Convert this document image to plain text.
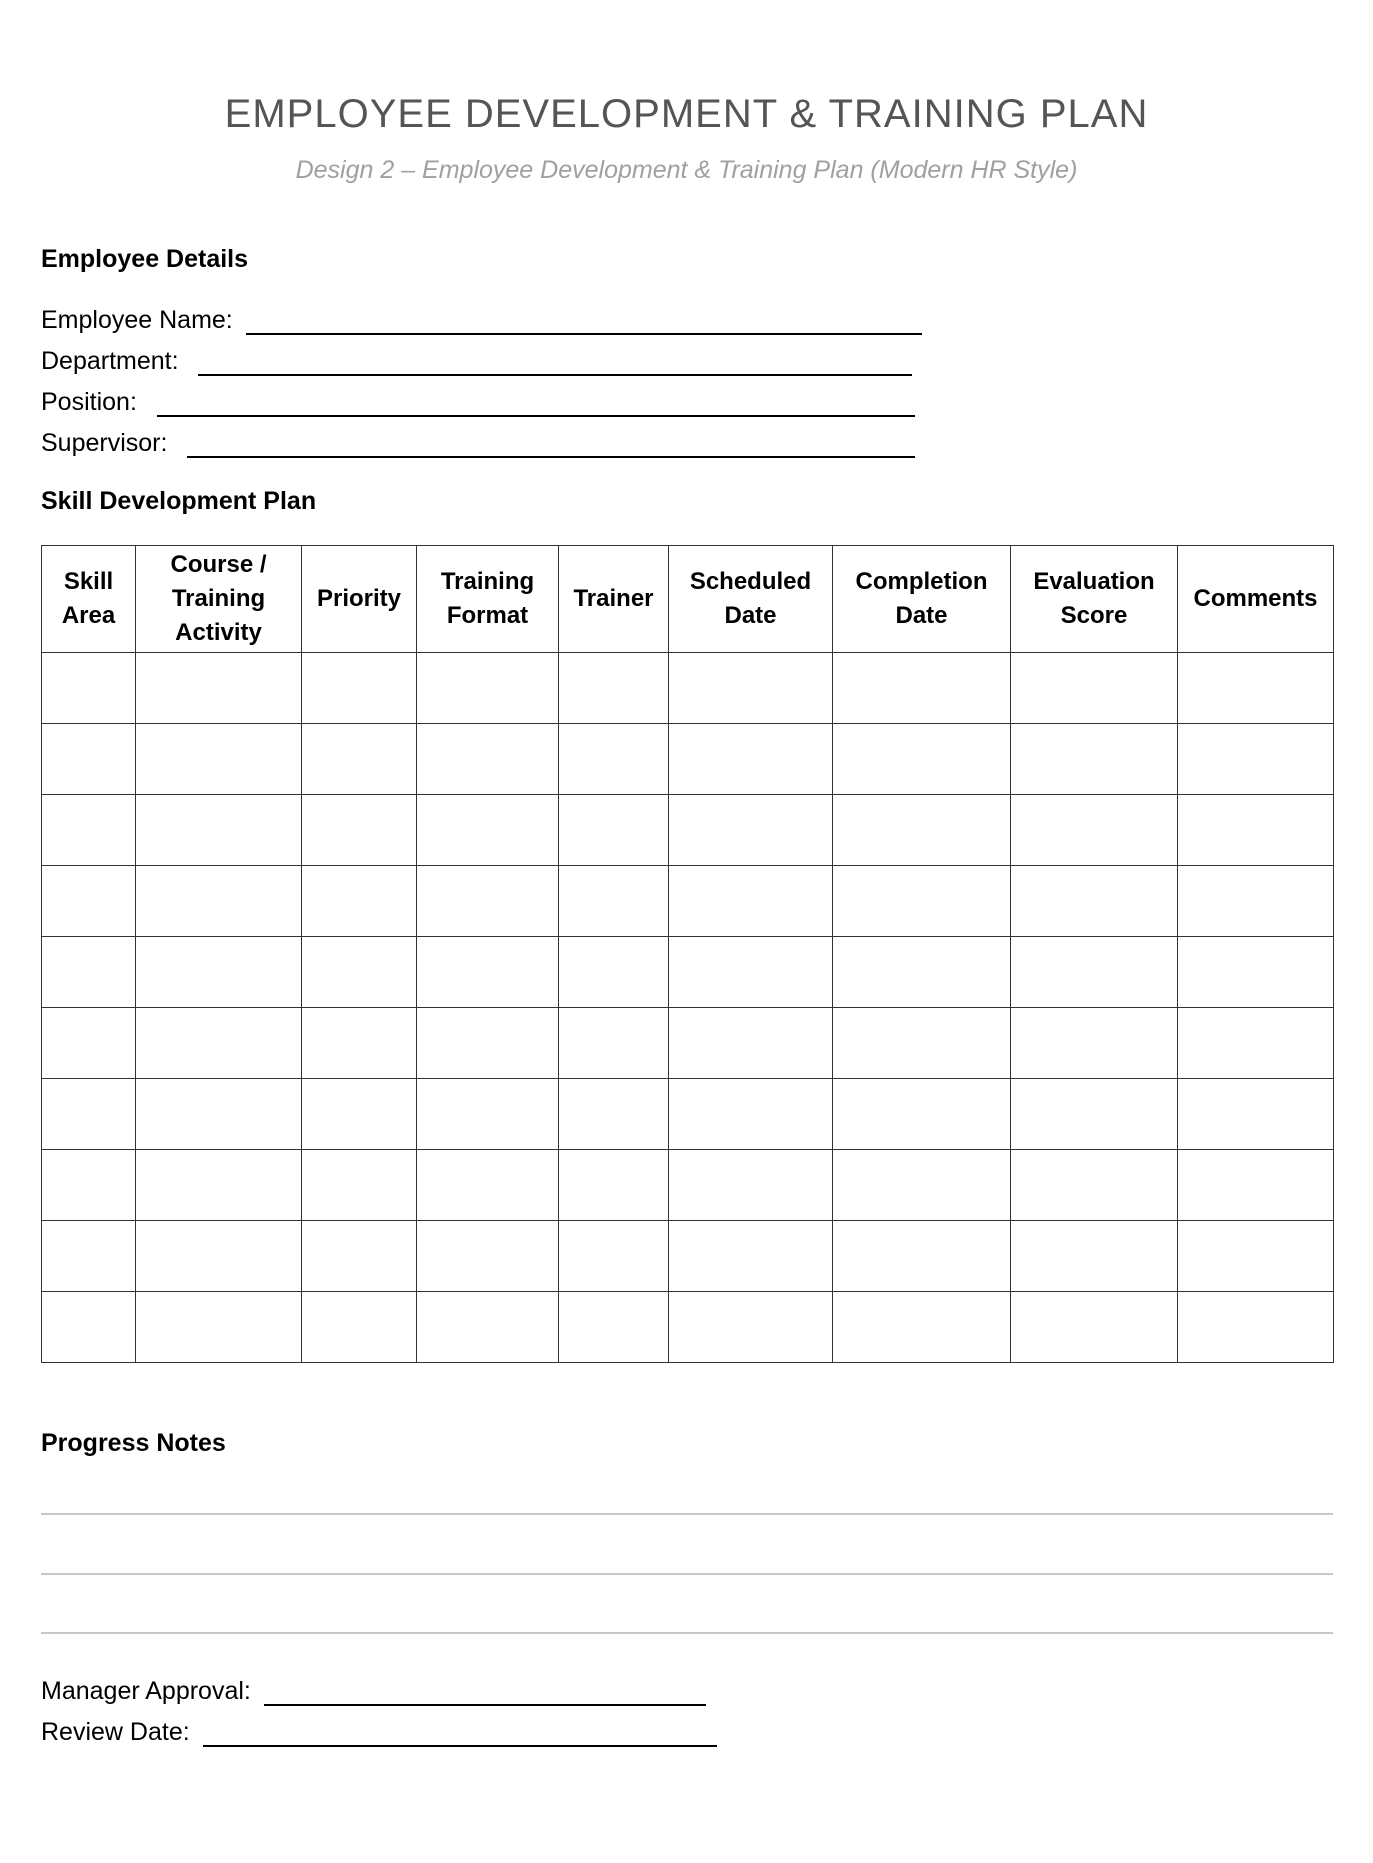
EMPLOYEE DEVELOPMENT & TRAINING PLAN
Design 2 – Employee Development & Training Plan (Modern HR Style)
Employee Details
Employee Name:
Department:
Position:
Supervisor:
Skill Development Plan
Skill Area	Course / Training Activity	Priority	Training Format	Trainer	Scheduled Date	Completion Date	Evaluation Score	Comments

Progress Notes
Manager Approval:
Review Date:
